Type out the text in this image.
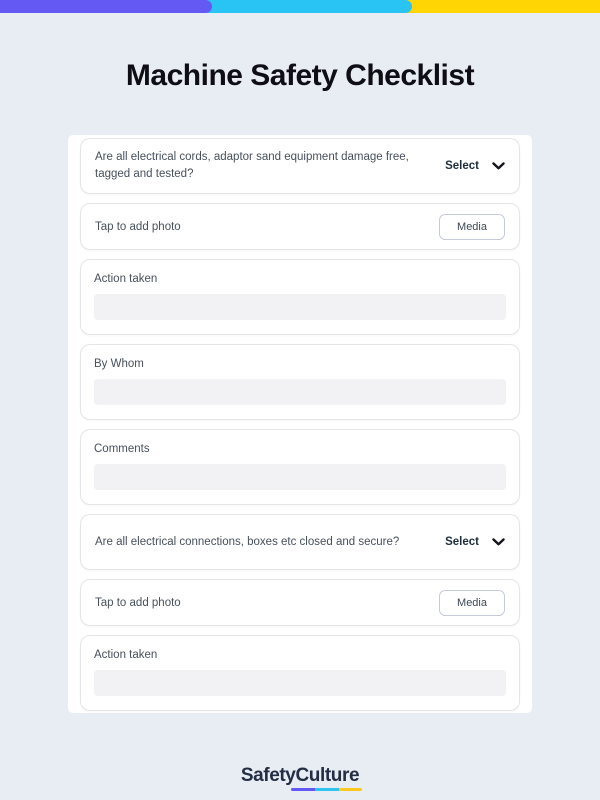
Machine Safety Checklist
Are all electrical cords, adaptor sand equipment damage free, tagged and tested?
Select
Tap to add photo	Media
Action taken
By Whom
Comments
Are all electrical connections, boxes etc closed and secure?	Select
Tap to add photo	Media
Action taken
SafetyCulture
